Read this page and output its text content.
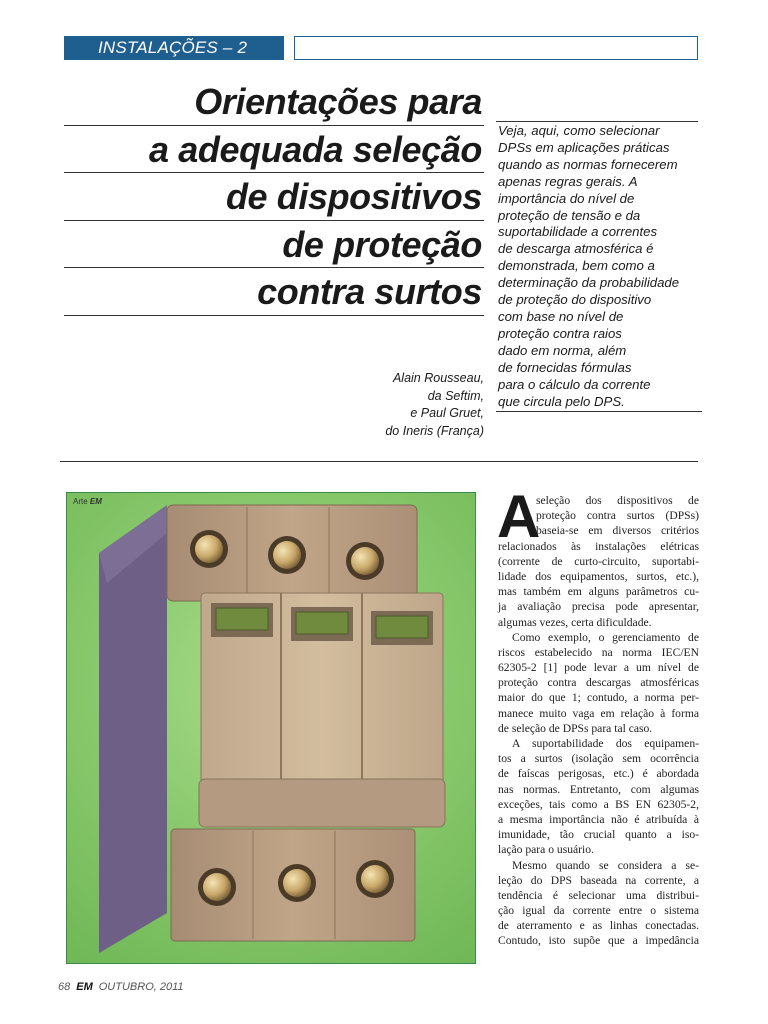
INSTALAÇÕES – 2
Orientações para
a adequada seleção
de dispositivos
de proteção
contra surtos
Veja, aqui, como selecionar
DPSs em aplicações práticas
quando as normas fornecerem
apenas regras gerais. A
importância do nível de
proteção de tensão e da
suportabilidade a correntes
de descarga atmosférica é
demonstrada, bem como a
determinação da probabilidade
de proteção do dispositivo
com base no nível de
proteção contra raios
dado em norma, além
de fornecidas fórmulas
para o cálculo da corrente
que circula pelo DPS.
Alain Rousseau,
da Seftim,
e Paul Gruet,
do Ineris (França)
Arte EM	A
seleção dos dispositivos de
proteção contra surtos (DPSs)
baseia-se em diversos critérios
relacionados às instalações elétricas
(corrente de curto-circuito, suportabi-
lidade dos equipamentos, surtos, etc.),
mas também em alguns parâmetros cu-
ja avaliação precisa pode apresentar,
algumas vezes, certa dificuldade.
Como exemplo, o gerenciamento de
riscos estabelecido na norma IEC/EN
62305-2 [1] pode levar a um nível de
proteção contra descargas atmosféricas
maior do que 1; contudo, a norma per-
manece muito vaga em relação à forma
de seleção de DPSs para tal caso.
A suportabilidade dos equipamen-
tos a surtos (isolação sem ocorrência
de faíscas perigosas, etc.) é abordada
nas normas. Entretanto, com algumas
exceções, tais como a BS EN 62305-2,
a mesma importância não é atribuída à
imunidade, tão crucial quanto a iso-
lação para o usuário.
Mesmo quando se considera a se-
leção do DPS baseada na corrente, a
tendência é selecionar uma distribui-
ção igual da corrente entre o sistema
de aterramento e as linhas conectadas.
Contudo, isto supõe que a impedância
68 EM OUTUBRO, 2011
